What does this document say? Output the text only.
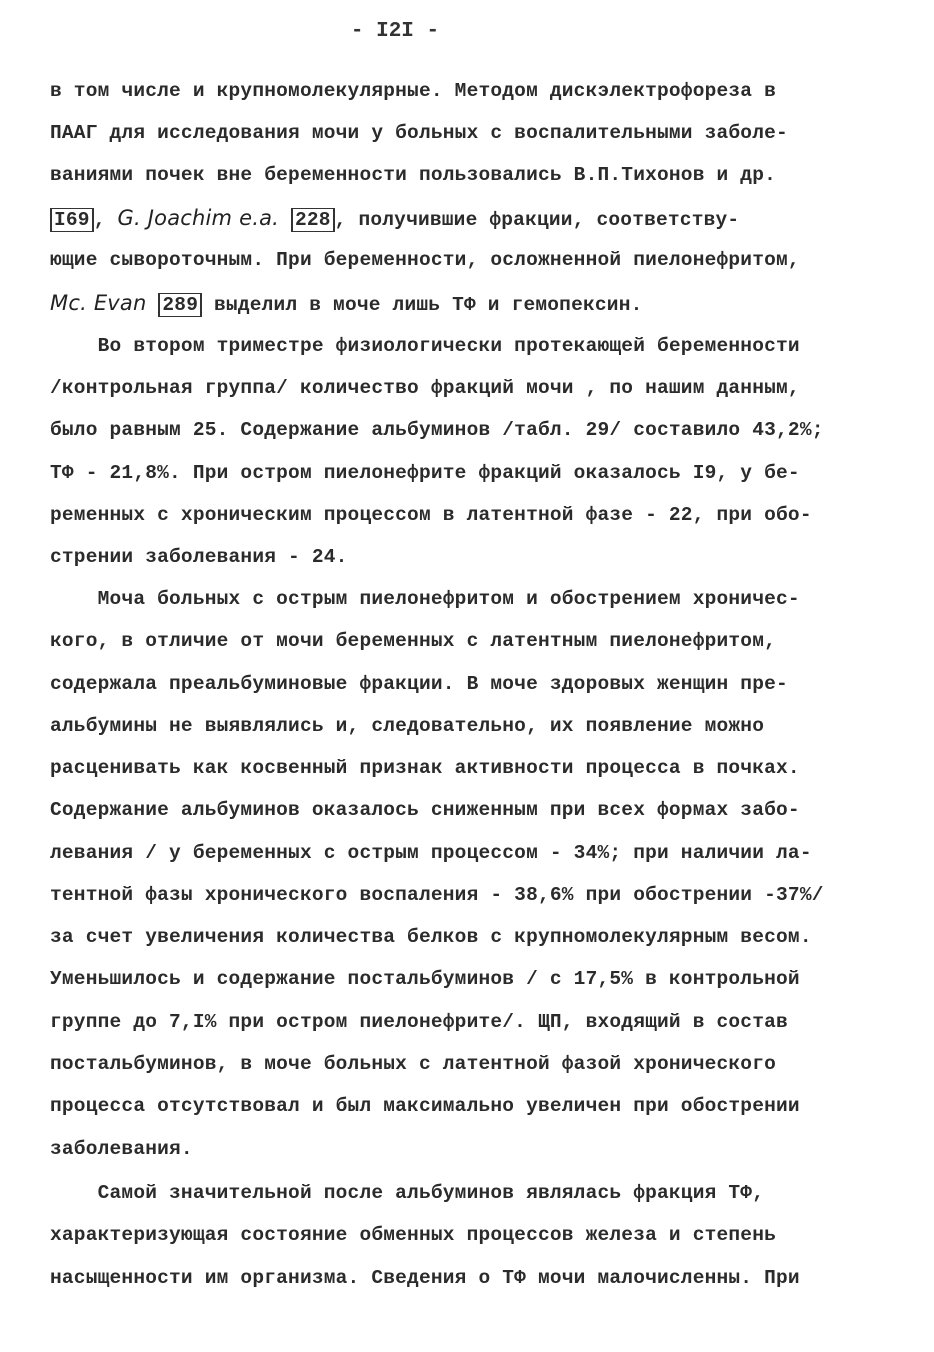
- I2I -
в том числе и крупномолекулярные. Методом дискэлектрофореза в
ПААГ для исследования мочи у больных с воспалительными заболе-
ваниями почек вне беременности пользовались В.П.Тихонов и др.
I69 , G. Joachim e.a. 228 , получившие фракции, соответству-
ющие сывороточным. При беременности, осложненной пиелонефритом,
Mc. Evan 289 выделил в моче лишь ТФ и гемопексин.
Во втором триместре физиологически протекающей беременности
/контрольная группа/ количество фракций мочи , по нашим данным,
было равным 25. Содержание альбуминов /табл. 29/ составило 43,2%;
ТФ - 21,8%. При остром пиелонефрите фракций оказалось I9, у бе-
ременных с хроническим процессом в латентной фазе - 22, при обо-
стрении заболевания - 24.
Моча больных с острым пиелонефритом и обострением хроничес-
кого, в отличие от мочи беременных с латентным пиелонефритом,
содержала преальбуминовые фракции. В моче здоровых женщин пре-
альбумины не выявлялись и, следовательно, их появление можно
расценивать как косвенный признак активности процесса в почках.
Содержание альбуминов оказалось сниженным при всех формах забо-
левания / у беременных с острым процессом - 34%; при наличии ла-
тентной фазы хронического воспаления - 38,6% при обострении -37%/
за счет увеличения количества белков с крупномолекулярным весом.
Уменьшилось и содержание постальбуминов / с 17,5% в контрольной
группе до 7,I% при остром пиелонефрите/. ЩП, входящий в состав
постальбуминов, в моче больных с латентной фазой хронического
процесса отсутствовал и был максимально увеличен при обострении
заболевания.
Самой значительной после альбуминов являлась фракция ТФ,
характеризующая состояние обменных процессов железа и степень
насыщенности им организма. Сведения о ТФ мочи малочисленны. При
